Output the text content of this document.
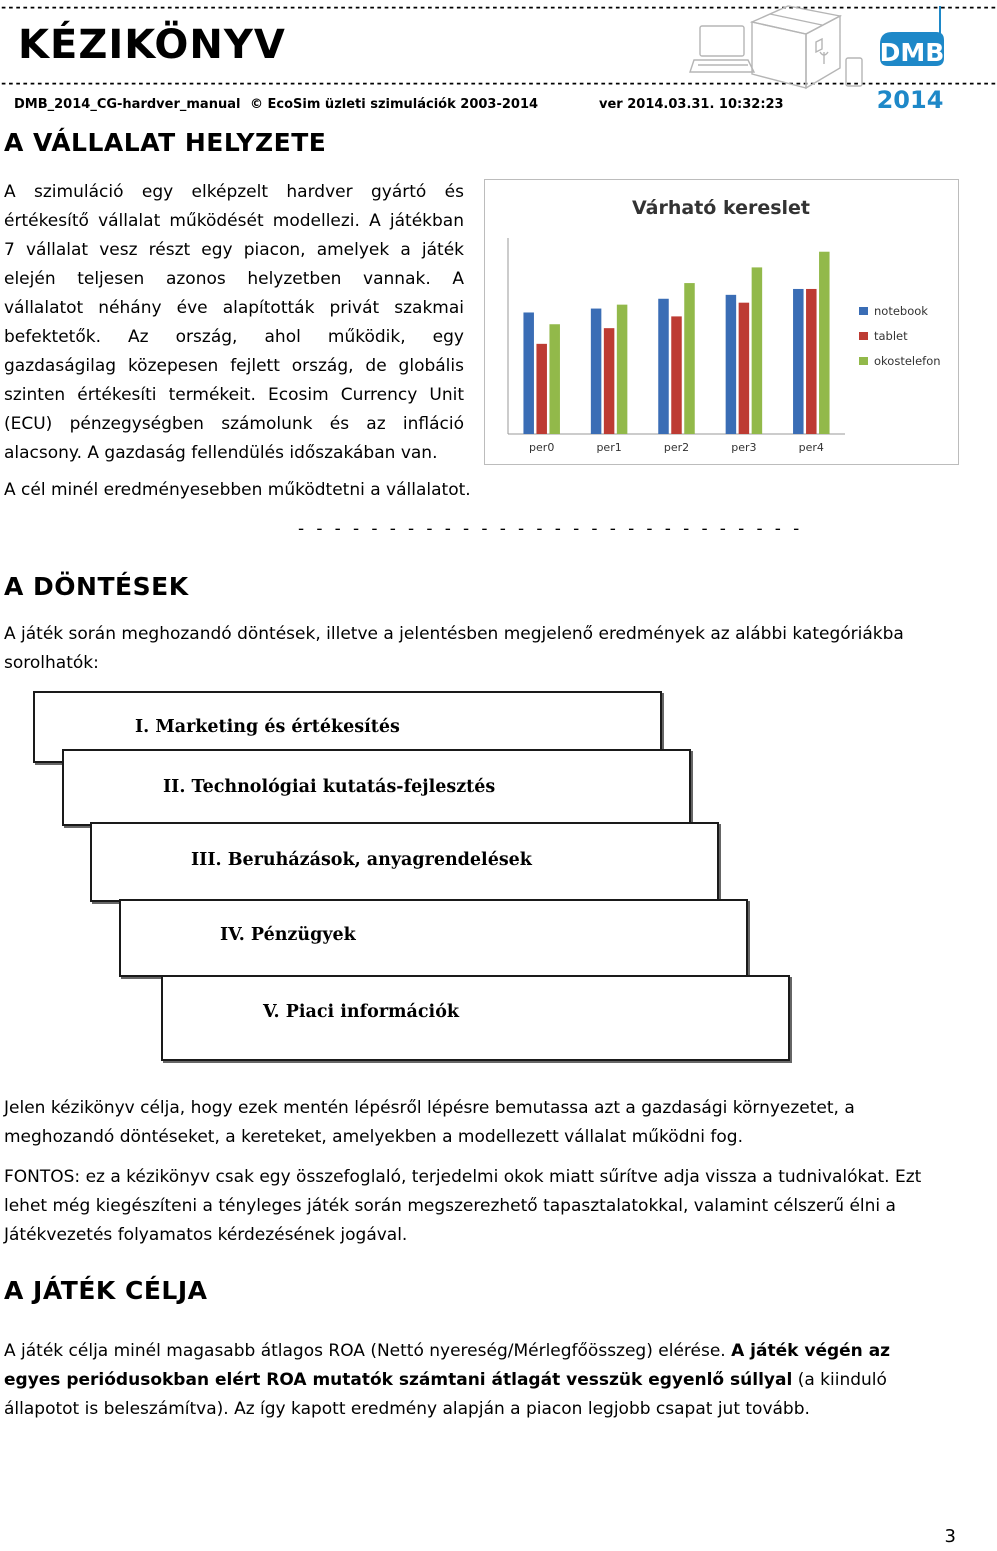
------------------------------------------------------------------------------------------------------------------------------------------
KÉZIKÖNYV
------------------------------------------------------------------------------------------------------------------------------------------
DMB_2014_CG-hardver_manual © EcoSim üzleti szimulációk 2003-2014	ver 2014.03.31. 10:32:23
DMB
2014
A VÁLLALAT HELYZETE

A szimuláció egy elképzelt hardver gyártó és

értékesítő vállalat működését modellezi. A játékban

7 vállalat vesz részt egy piacon, amelyek a játék

elején teljesen azonos helyzetben vannak. A

vállalatot néhány éve alapították privát szakmai

befektetők. Az ország, ahol működik, egy

gazdaságilag közepesen fejlett ország, de globális

szinten értékesíti termékeit. Ecosim Currency Unit

(ECU) pénzegységben számolunk és az infláció

alacsony. A gazdaság fellendülés időszakában van.

A cél minél eredményesebben működtetni a vállalatot.

Várható kereslet
per0	per1	per2	per3	per4
notebook
tablet
okostelefon
- - - - - - - - - - - - - - - - - - - - - - - - - - - -
A DÖNTÉSEK

A játék során meghozandó döntések, illetve a jelentésben megjelenő eredmények az alábbi kategóriákba

sorolhatók:

I. Marketing és értékesítés
II. Technológiai kutatás-fejlesztés
III. Beruházások, anyagrendelések
IV. Pénzügyek
V. Piaci információk

Jelen kézikönyv célja, hogy ezek mentén lépésről lépésre bemutassa azt a gazdasági környezetet, a

meghozandó döntéseket, a kereteket, amelyekben a modellezett vállalat működni fog.

FONTOS: ez a kézikönyv csak egy összefoglaló, terjedelmi okok miatt sűrítve adja vissza a tudnivalókat. Ezt

lehet még kiegészíteni a tényleges játék során megszerezhető tapasztalatokkal, valamint célszerű élni a

Játékvezetés folyamatos kérdezésének jogával.

A JÁTÉK CÉLJA

A játék célja minél magasabb átlagos ROA (Nettó nyereség/Mérlegfőösszeg) elérése. A játék végén az

egyes periódusokban elért ROA mutatók számtani átlagát vesszük egyenlő súllyal (a kiinduló

állapotot is beleszámítva). Az így kapott eredmény alapján a piacon legjobb csapat jut tovább.

3
